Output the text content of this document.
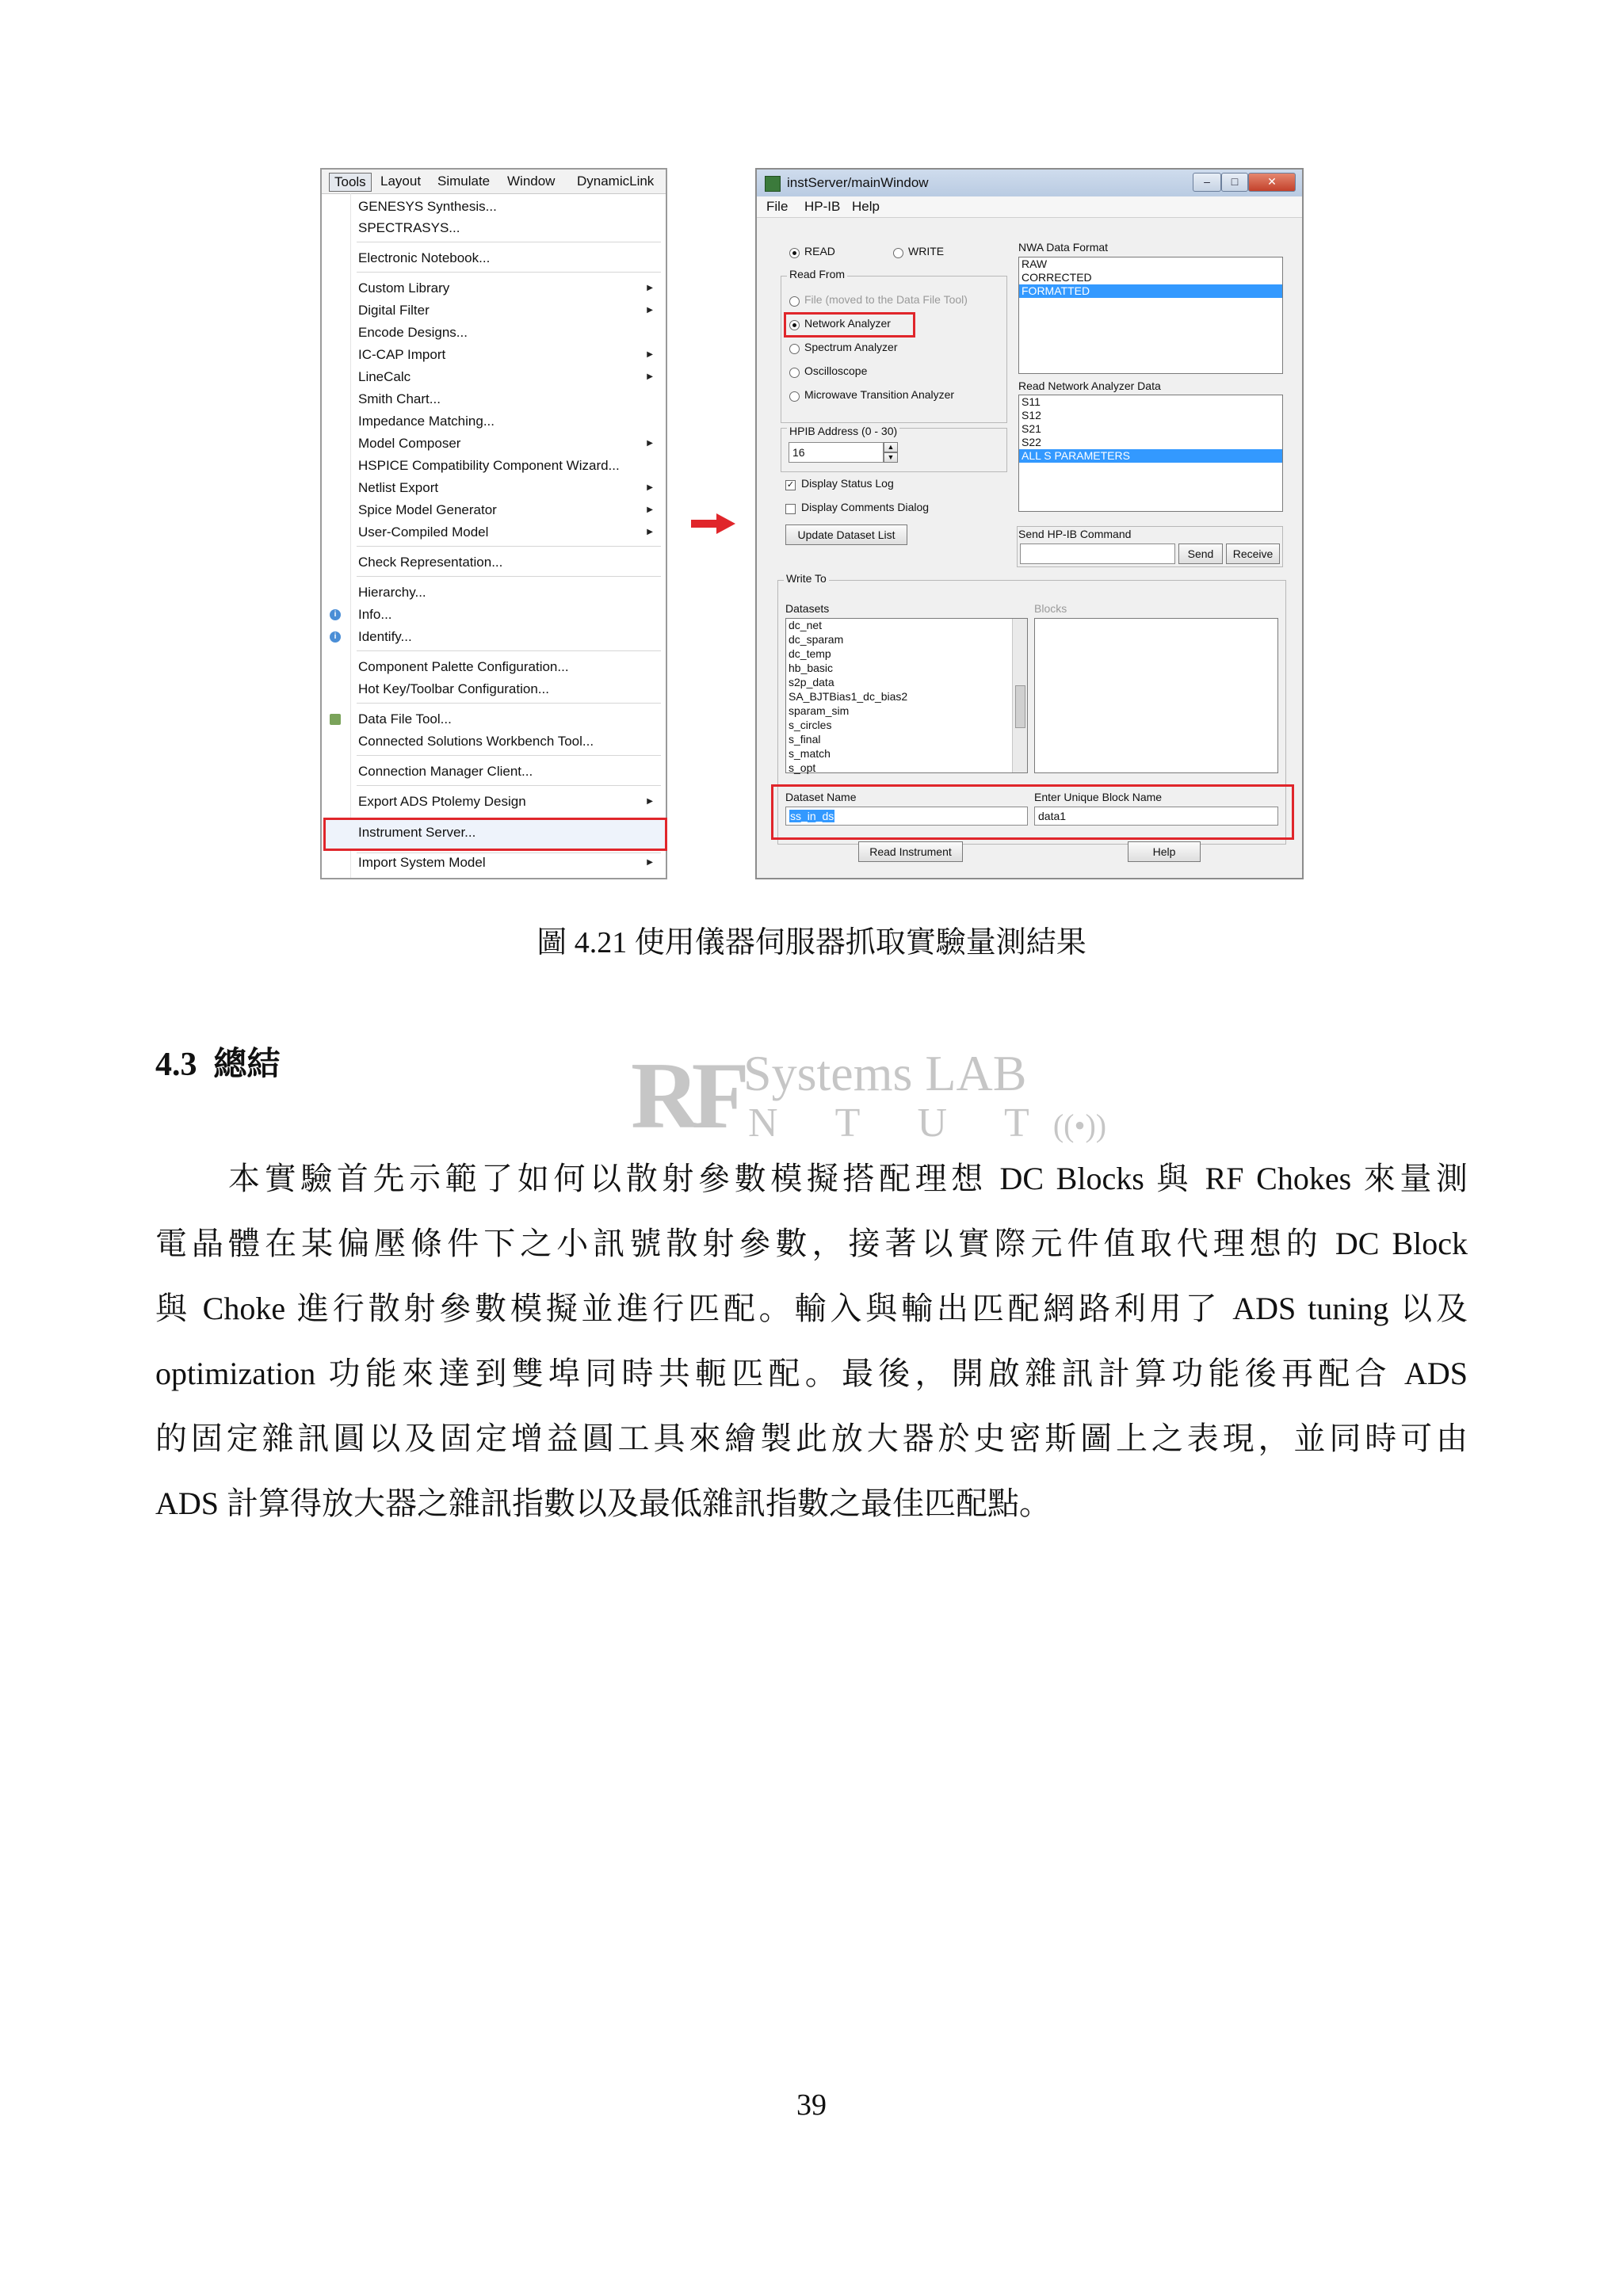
Tools	Layout Simulate Window DynamicLink
GENESYS Synthesis...
SPECTRASYS...
Electronic Notebook...
Custom Library	▶
Digital Filter	▶
Encode Designs...
IC-CAP Import	▶
LineCalc	▶
Smith Chart...
Impedance Matching...
Model Composer	▶
HSPICE Compatibility Component Wizard...
Netlist Export	▶
Spice Model Generator	▶
User-Compiled Model	▶
Check Representation...
Hierarchy...
i	Info...
i	Identify...
Component Palette Configuration...
Hot Key/Toolbar Configuration...
Data File Tool...
Connected Solutions Workbench Tool...
Connection Manager Client...
Export ADS Ptolemy Design	▶
Instrument Server...
Import System Model	▶
instServer/mainWindow	–	□	✕
File HP-IB Help
READ	WRITE
Read From
File (moved to the Data File Tool)
Network Analyzer
Spectrum Analyzer
Oscilloscope
Microwave Transition Analyzer
NWA Data Format
RAW
CORRECTED
FORMATTED
Read Network Analyzer Data
S11
S12
S21
S22
ALL S PARAMETERS
HPIB Address (0 - 30)
16	▲
▼
✓ Display Status Log
Display Comments Dialog
Update Dataset List	Send HP-IB Command
Send	Receive
Write To
Datasets
dc_net
dc_sparam
dc_temp
hb_basic
s2p_data
SA_BJTBias1_dc_bias2
sparam_sim
s_circles
s_final
s_match
s_opt
Blocks
Dataset Name
ss_in_ds
Enter Unique Block Name
data1
Read Instrument	Help
圖 4.21 使用儀器伺服器抓取實驗量測結果
4.3 總結	RF Systems LAB
N T U T((•))
本實驗首先示範了如何以散射參數模擬搭配理想 DC Blocks 與 RF Chokes 來量測
電晶體在某偏壓條件下之小訊號散射參數，接著以實際元件值取代理想的 DC Block
與 Choke 進行散射參數模擬並進行匹配。輸入與輸出匹配網路利用了 ADS tuning 以及
optimization 功能來達到雙埠同時共軛匹配。最後，開啟雜訊計算功能後再配合 ADS
的固定雜訊圓以及固定增益圓工具來繪製此放大器於史密斯圖上之表現，並同時可由
ADS 計算得放大器之雜訊指數以及最低雜訊指數之最佳匹配點。
39
